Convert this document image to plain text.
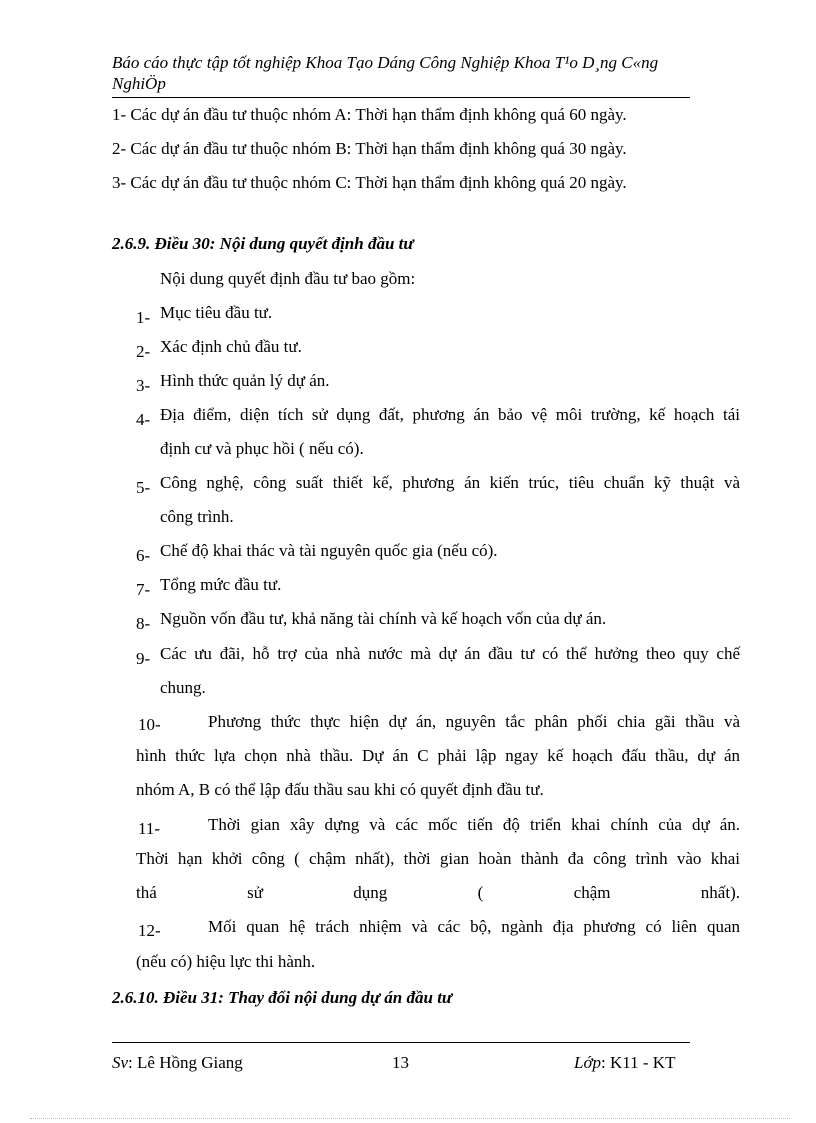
Báo cáo thực tập tốt nghiệp Khoa Tạo Dáng Công Nghiệp Khoa T¹o D¸ng C«ng NghiÖp
1- Các dự án đầu tư thuộc nhóm A: Thời hạn thẩm định không quá 60 ngày.
2- Các dự án đầu tư thuộc nhóm B: Thời hạn thẩm định không quá 30 ngày.
3- Các dự án đầu tư thuộc nhóm C: Thời hạn thẩm định không quá 20 ngày.
2.6.9. Điều 30: Nội dung quyết định đầu tư
Nội dung quyết định đầu tư bao gồm:
1- Mục tiêu đầu tư.
2- Xác định chủ đầu tư.
3- Hình thức quản lý dự án.
4- Địa điểm, diện tích sử dụng đất, phương án bảo vệ môi trường, kế hoạch tái
định cư và phục hồi ( nếu có).
5- Công nghệ, công suất thiết kế, phương án kiến trúc, tiêu chuẩn kỹ thuật và
công trình.
6- Chế độ khai thác và tài nguyên quốc gia (nếu có).
7- Tổng mức đầu tư.
8- Nguồn vốn đầu tư, khả năng tài chính và kế hoạch vốn của dự án.
9- Các ưu đãi, hỗ trợ của nhà nước mà dự án đầu tư có thể hưởng theo quy chế
chung.
10-	Phương thức thực hiện dự án, nguyên tắc phân phối chia gãi thầu và
hình thức lựa chọn nhà thầu. Dự án C phải lập ngay kế hoạch đấu thầu, dự án
nhóm A, B có thể lập đấu thầu sau khi có quyết định đầu tư.
11-	Thời gian xây dựng và các mốc tiến độ triển khai chính của dự án.
Thời hạn khởi công ( chậm nhất), thời gian hoàn thành đa công trình vào khai
thá sử dụng ( chậm nhất).
12-	Mối quan hệ trách nhiệm và các bộ, ngành địa phương có liên quan
(nếu có) hiệu lực thi hành.
2.6.10. Điều 31: Thay đổi nội dung dự án đầu tư
Sv: Lê Hồng Giang	13	Lớp: K11 - KT
